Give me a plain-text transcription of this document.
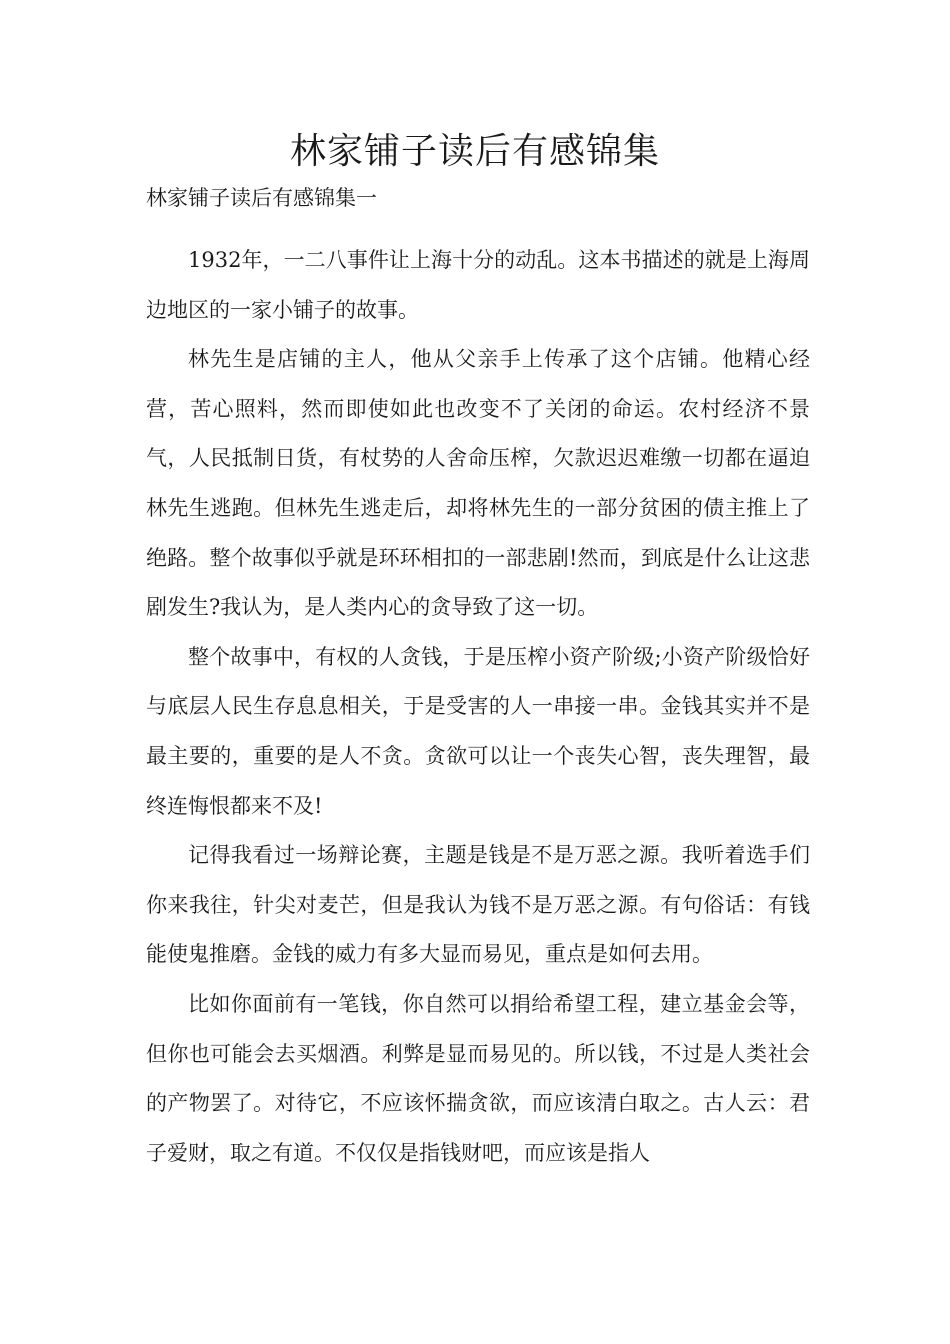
林家铺子读后有感锦集

林家铺子读后有感锦集一

1932年，一二八事件让上海十分的动乱。这本书描述的就是上海周边地区的一家小铺子的故事。

林先生是店铺的主人，他从父亲手上传承了这个店铺。他精心经营，苦心照料，然而即使如此也改变不了关闭的命运。农村经济不景气，人民抵制日货，有杖势的人舍命压榨，欠款迟迟难缴一切都在逼迫林先生逃跑。但林先生逃走后，却将林先生的一部分贫困的债主推上了绝路。整个故事似乎就是环环相扣的一部悲剧!然而，到底是什么让这悲剧发生?我认为，是人类内心的贪导致了这一切。

整个故事中，有权的人贪钱，于是压榨小资产阶级;小资产阶级恰好与底层人民生存息息相关，于是受害的人一串接一串。金钱其实并不是最主要的，重要的是人不贪。贪欲可以让一个丧失心智，丧失理智，最终连悔恨都来不及!

记得我看过一场辩论赛，主题是钱是不是万恶之源。我听着选手们你来我往，针尖对麦芒，但是我认为钱不是万恶之源。有句俗话：有钱能使鬼推磨。金钱的威力有多大显而易见，重点是如何去用。

比如你面前有一笔钱，你自然可以捐给希望工程，建立基金会等，但你也可能会去买烟酒。利弊是显而易见的。所以钱，不过是人类社会的产物罢了。对待它，不应该怀揣贪欲，而应该清白取之。古人云：君子爱财，取之有道。不仅仅是指钱财吧，而应该是指人
